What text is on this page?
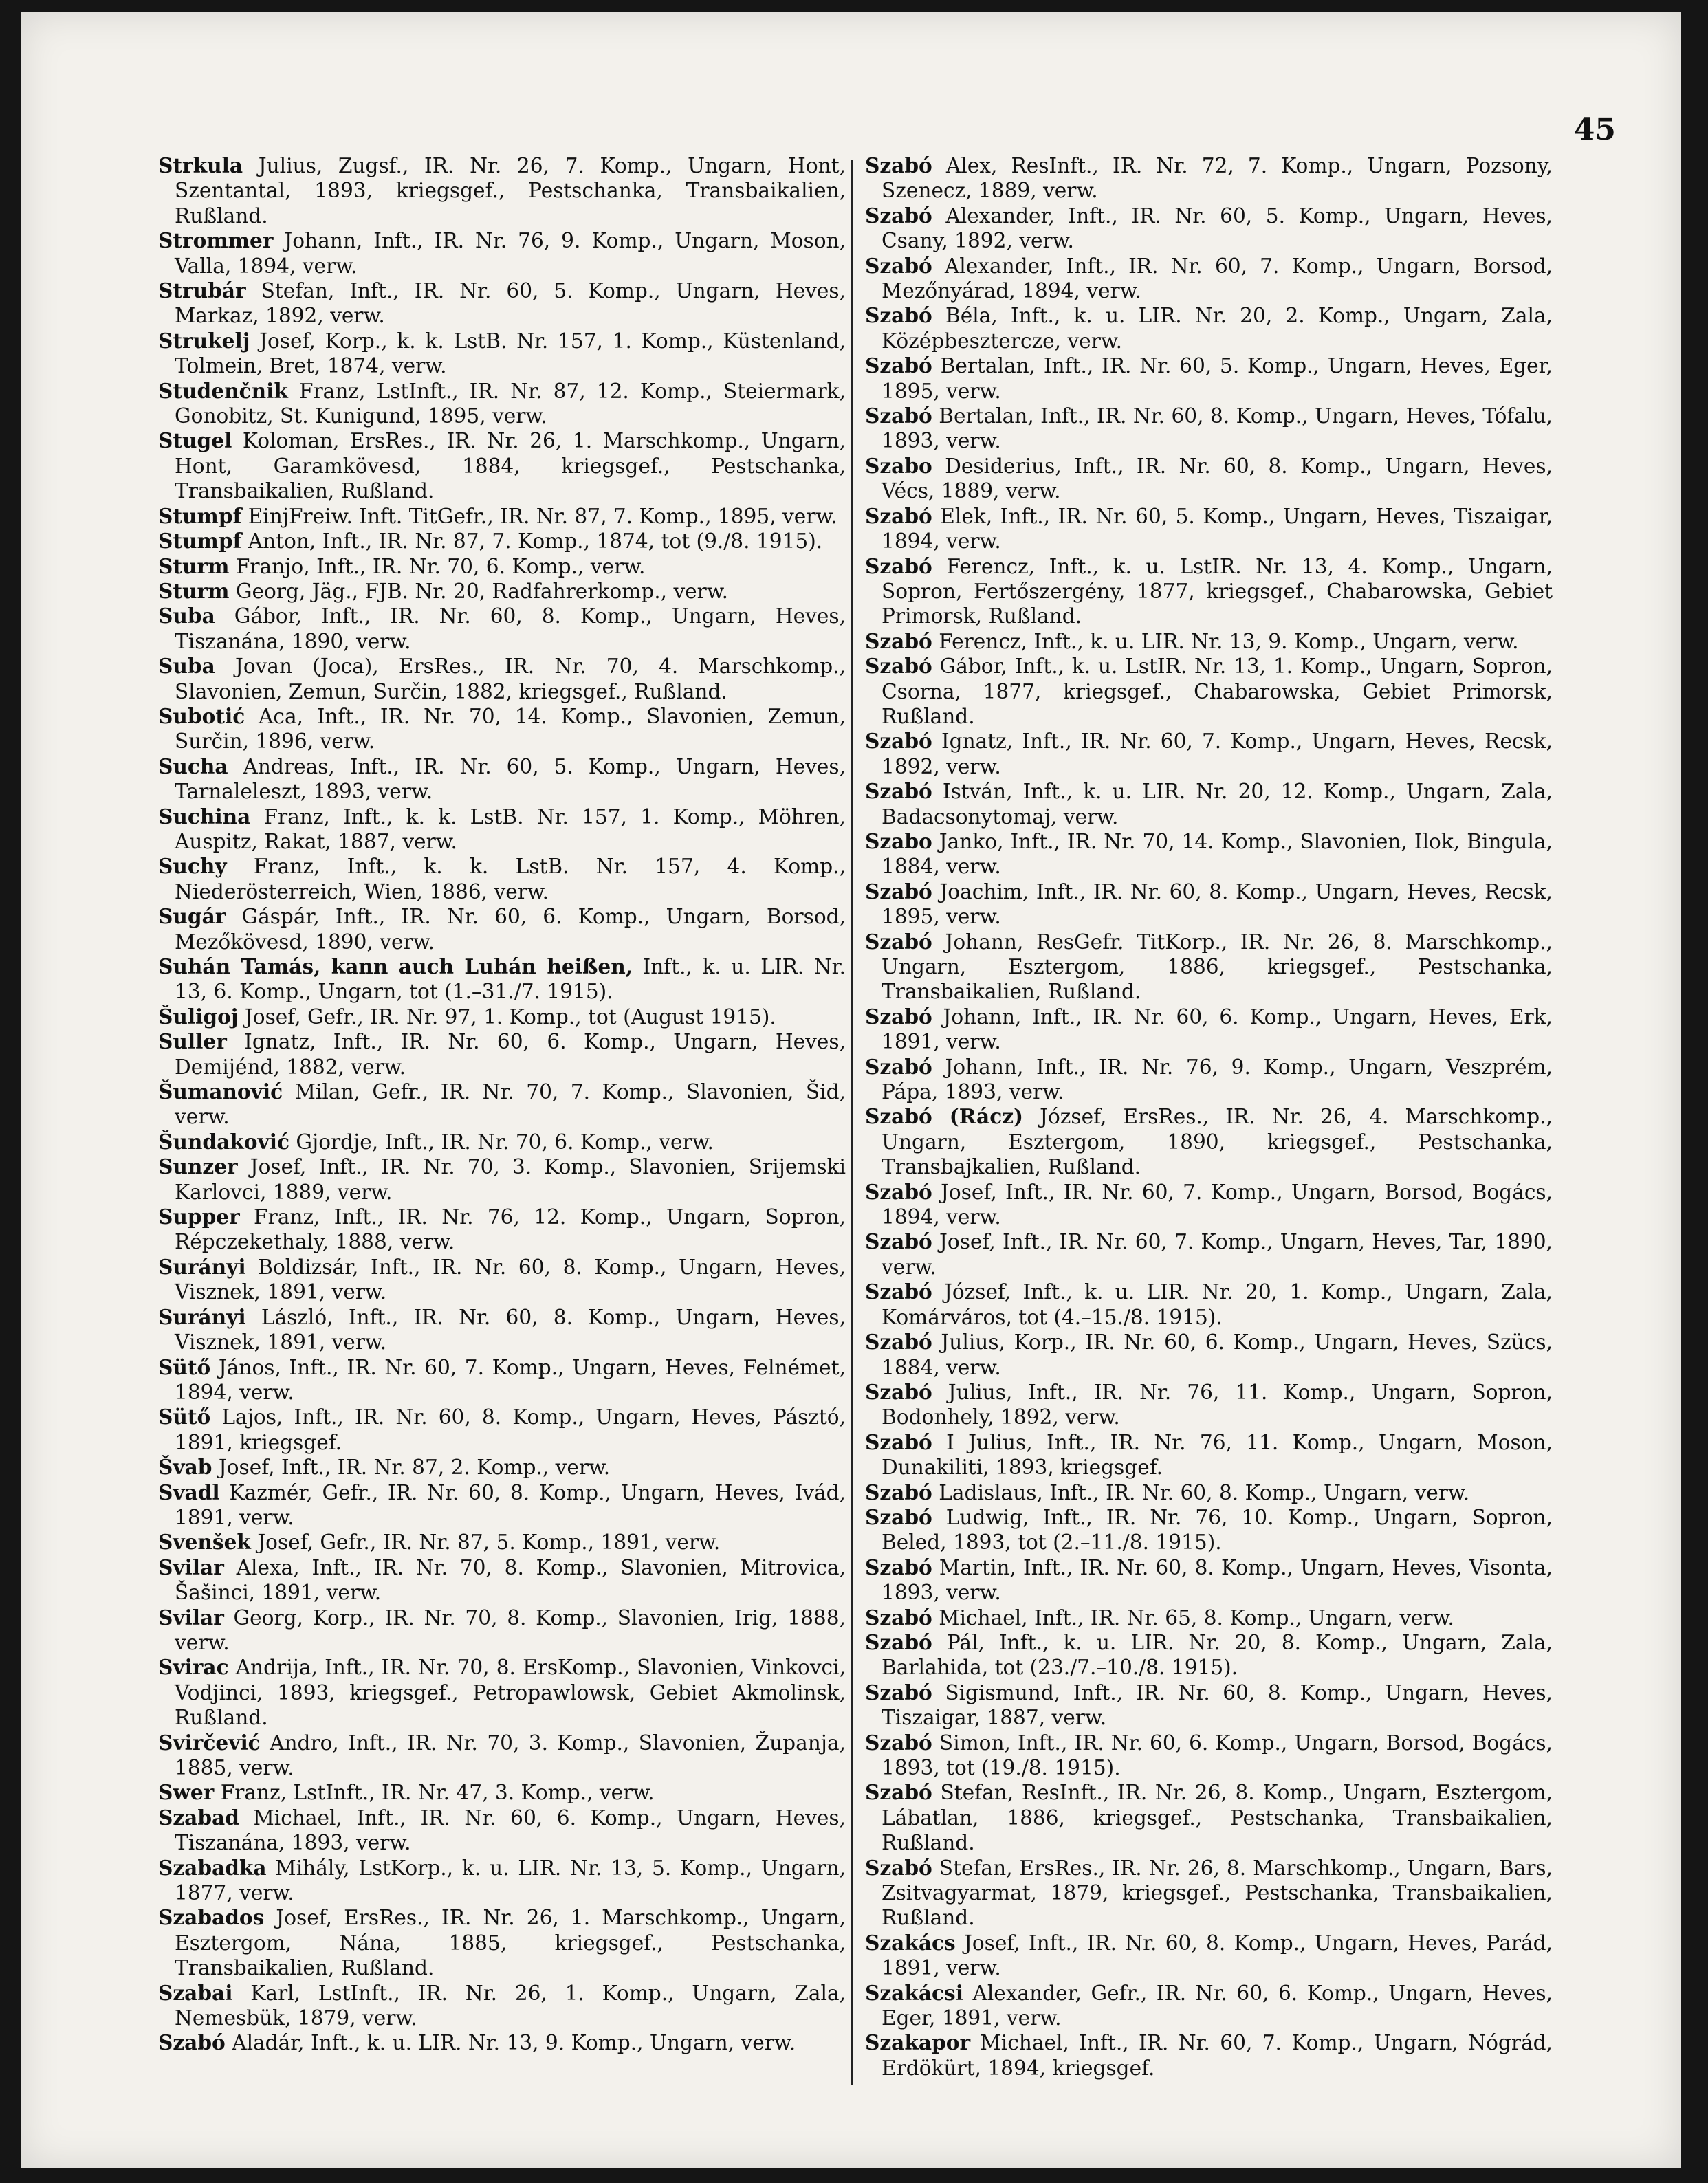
45

Strkula Julius, Zugsf., IR. Nr. 26, 7. Komp., Ungarn, Hont, Szentantal, 1893, kriegsgef., Pestschanka, Transbaikalien, Rußland.

Strommer Johann, Inft., IR. Nr. 76, 9. Komp., Ungarn, Moson, Valla, 1894, verw.

Strubár Stefan, Inft., IR. Nr. 60, 5. Komp., Ungarn, Heves, Markaz, 1892, verw.

Strukelj Josef, Korp., k. k. LstB. Nr. 157, 1. Komp., Küstenland, Tolmein, Bret, 1874, verw.

Studenčnik Franz, LstInft., IR. Nr. 87, 12. Komp., Steiermark, Gonobitz, St. Kunigund, 1895, verw.

Stugel Koloman, ErsRes., IR. Nr. 26, 1. Marschkomp., Ungarn, Hont, Garamkövesd, 1884, kriegsgef., Pestschanka, Transbaikalien, Rußland.

Stumpf EinjFreiw. Inft. TitGefr., IR. Nr. 87, 7. Komp., 1895, verw.

Stumpf Anton, Inft., IR. Nr. 87, 7. Komp., 1874, tot (9./8. 1915).

Sturm Franjo, Inft., IR. Nr. 70, 6. Komp., verw.

Sturm Georg, Jäg., FJB. Nr. 20, Radfahrerkomp., verw.

Suba Gábor, Inft., IR. Nr. 60, 8. Komp., Ungarn, Heves, Tiszanána, 1890, verw.

Suba Jovan (Joca), ErsRes., IR. Nr. 70, 4. Marschkomp., Slavonien, Zemun, Surčin, 1882, kriegsgef., Rußland.

Subotić Aca, Inft., IR. Nr. 70, 14. Komp., Slavonien, Zemun, Surčin, 1896, verw.

Sucha Andreas, Inft., IR. Nr. 60, 5. Komp., Ungarn, Heves, Tarnaleleszt, 1893, verw.

Suchina Franz, Inft., k. k. LstB. Nr. 157, 1. Komp., Möhren, Auspitz, Rakat, 1887, verw.

Suchy Franz, Inft., k. k. LstB. Nr. 157, 4. Komp., Niederösterreich, Wien, 1886, verw.

Sugár Gáspár, Inft., IR. Nr. 60, 6. Komp., Ungarn, Borsod, Mezőkövesd, 1890, verw.

Suhán Tamás, kann auch Luhán heißen, Inft., k. u. LIR. Nr. 13, 6. Komp., Ungarn, tot (1.–31./7. 1915).

Šuligoj Josef, Gefr., IR. Nr. 97, 1. Komp., tot (August 1915).

Suller Ignatz, Inft., IR. Nr. 60, 6. Komp., Ungarn, Heves, Demijénd, 1882, verw.

Šumanović Milan, Gefr., IR. Nr. 70, 7. Komp., Slavonien, Šid, verw.

Šundaković Gjordje, Inft., IR. Nr. 70, 6. Komp., verw.

Sunzer Josef, Inft., IR. Nr. 70, 3. Komp., Slavonien, Srijemski Karlovci, 1889, verw.

Supper Franz, Inft., IR. Nr. 76, 12. Komp., Ungarn, Sopron, Répczekethaly, 1888, verw.

Surányi Boldizsár, Inft., IR. Nr. 60, 8. Komp., Ungarn, Heves, Visznek, 1891, verw.

Surányi László, Inft., IR. Nr. 60, 8. Komp., Ungarn, Heves, Visznek, 1891, verw.

Sütő János, Inft., IR. Nr. 60, 7. Komp., Ungarn, Heves, Felnémet, 1894, verw.

Sütő Lajos, Inft., IR. Nr. 60, 8. Komp., Ungarn, Heves, Pásztó, 1891, kriegsgef.

Švab Josef, Inft., IR. Nr. 87, 2. Komp., verw.

Svadl Kazmér, Gefr., IR. Nr. 60, 8. Komp., Ungarn, Heves, Ivád, 1891, verw.

Svenšek Josef, Gefr., IR. Nr. 87, 5. Komp., 1891, verw.

Svilar Alexa, Inft., IR. Nr. 70, 8. Komp., Slavonien, Mitrovica, Šašinci, 1891, verw.

Svilar Georg, Korp., IR. Nr. 70, 8. Komp., Slavonien, Irig, 1888, verw.

Svirac Andrija, Inft., IR. Nr. 70, 8. ErsKomp., Slavonien, Vinkovci, Vodjinci, 1893, kriegsgef., Petropawlowsk, Gebiet Akmolinsk, Rußland.

Svirčević Andro, Inft., IR. Nr. 70, 3. Komp., Slavonien, Županja, 1885, verw.

Swer Franz, LstInft., IR. Nr. 47, 3. Komp., verw.

Szabad Michael, Inft., IR. Nr. 60, 6. Komp., Ungarn, Heves, Tiszanána, 1893, verw.

Szabadka Mihály, LstKorp., k. u. LIR. Nr. 13, 5. Komp., Ungarn, 1877, verw.

Szabados Josef, ErsRes., IR. Nr. 26, 1. Marschkomp., Ungarn, Esztergom, Nána, 1885, kriegsgef., Pestschanka, Transbaikalien, Rußland.

Szabai Karl, LstInft., IR. Nr. 26, 1. Komp., Ungarn, Zala, Nemesbük, 1879, verw.

Szabó Aladár, Inft., k. u. LIR. Nr. 13, 9. Komp., Ungarn, verw.

Szabó Alex, ResInft., IR. Nr. 72, 7. Komp., Ungarn, Pozsony, Szenecz, 1889, verw.

Szabó Alexander, Inft., IR. Nr. 60, 5. Komp., Ungarn, Heves, Csany, 1892, verw.

Szabó Alexander, Inft., IR. Nr. 60, 7. Komp., Ungarn, Borsod, Mezőnyárad, 1894, verw.

Szabó Béla, Inft., k. u. LIR. Nr. 20, 2. Komp., Ungarn, Zala, Középbesztercze, verw.

Szabó Bertalan, Inft., IR. Nr. 60, 5. Komp., Ungarn, Heves, Eger, 1895, verw.

Szabó Bertalan, Inft., IR. Nr. 60, 8. Komp., Ungarn, Heves, Tófalu, 1893, verw.

Szabo Desiderius, Inft., IR. Nr. 60, 8. Komp., Ungarn, Heves, Vécs, 1889, verw.

Szabó Elek, Inft., IR. Nr. 60, 5. Komp., Ungarn, Heves, Tiszaigar, 1894, verw.

Szabó Ferencz, Inft., k. u. LstIR. Nr. 13, 4. Komp., Ungarn, Sopron, Fertőszergény, 1877, kriegsgef., Chabarowska, Gebiet Primorsk, Rußland.

Szabó Ferencz, Inft., k. u. LIR. Nr. 13, 9. Komp., Ungarn, verw.

Szabó Gábor, Inft., k. u. LstIR. Nr. 13, 1. Komp., Ungarn, Sopron, Csorna, 1877, kriegsgef., Chabarowska, Gebiet Primorsk, Rußland.

Szabó Ignatz, Inft., IR. Nr. 60, 7. Komp., Ungarn, Heves, Recsk, 1892, verw.

Szabó István, Inft., k. u. LIR. Nr. 20, 12. Komp., Ungarn, Zala, Badacsonytomaj, verw.

Szabo Janko, Inft., IR. Nr. 70, 14. Komp., Slavonien, Ilok, Bingula, 1884, verw.

Szabó Joachim, Inft., IR. Nr. 60, 8. Komp., Ungarn, Heves, Recsk, 1895, verw.

Szabó Johann, ResGefr. TitKorp., IR. Nr. 26, 8. Marschkomp., Ungarn, Esztergom, 1886, kriegsgef., Pestschanka, Transbaikalien, Rußland.

Szabó Johann, Inft., IR. Nr. 60, 6. Komp., Ungarn, Heves, Erk, 1891, verw.

Szabó Johann, Inft., IR. Nr. 76, 9. Komp., Ungarn, Veszprém, Pápa, 1893, verw.

Szabó (Rácz) József, ErsRes., IR. Nr. 26, 4. Marschkomp., Ungarn, Esztergom, 1890, kriegsgef., Pestschanka, Transbajkalien, Rußland.

Szabó Josef, Inft., IR. Nr. 60, 7. Komp., Ungarn, Borsod, Bogács, 1894, verw.

Szabó Josef, Inft., IR. Nr. 60, 7. Komp., Ungarn, Heves, Tar, 1890, verw.

Szabó József, Inft., k. u. LIR. Nr. 20, 1. Komp., Ungarn, Zala, Komárváros, tot (4.–15./8. 1915).

Szabó Julius, Korp., IR. Nr. 60, 6. Komp., Ungarn, Heves, Szücs, 1884, verw.

Szabó Julius, Inft., IR. Nr. 76, 11. Komp., Ungarn, Sopron, Bodonhely, 1892, verw.

Szabó I Julius, Inft., IR. Nr. 76, 11. Komp., Ungarn, Moson, Dunakiliti, 1893, kriegsgef.

Szabó Ladislaus, Inft., IR. Nr. 60, 8. Komp., Ungarn, verw.

Szabó Ludwig, Inft., IR. Nr. 76, 10. Komp., Ungarn, Sopron, Beled, 1893, tot (2.–11./8. 1915).

Szabó Martin, Inft., IR. Nr. 60, 8. Komp., Ungarn, Heves, Visonta, 1893, verw.

Szabó Michael, Inft., IR. Nr. 65, 8. Komp., Ungarn, verw.

Szabó Pál, Inft., k. u. LIR. Nr. 20, 8. Komp., Ungarn, Zala, Barlahida, tot (23./7.–10./8. 1915).

Szabó Sigismund, Inft., IR. Nr. 60, 8. Komp., Ungarn, Heves, Tiszaigar, 1887, verw.

Szabó Simon, Inft., IR. Nr. 60, 6. Komp., Ungarn, Borsod, Bogács, 1893, tot (19./8. 1915).

Szabó Stefan, ResInft., IR. Nr. 26, 8. Komp., Ungarn, Esztergom, Lábatlan, 1886, kriegsgef., Pestschanka, Transbaikalien, Rußland.

Szabó Stefan, ErsRes., IR. Nr. 26, 8. Marschkomp., Ungarn, Bars, Zsitvagyarmat, 1879, kriegsgef., Pestschanka, Transbaikalien, Rußland.

Szakács Josef, Inft., IR. Nr. 60, 8. Komp., Ungarn, Heves, Parád, 1891, verw.

Szakácsi Alexander, Gefr., IR. Nr. 60, 6. Komp., Ungarn, Heves, Eger, 1891, verw.

Szakapor Michael, Inft., IR. Nr. 60, 7. Komp., Ungarn, Nógrád, Erdökürt, 1894, kriegsgef.
